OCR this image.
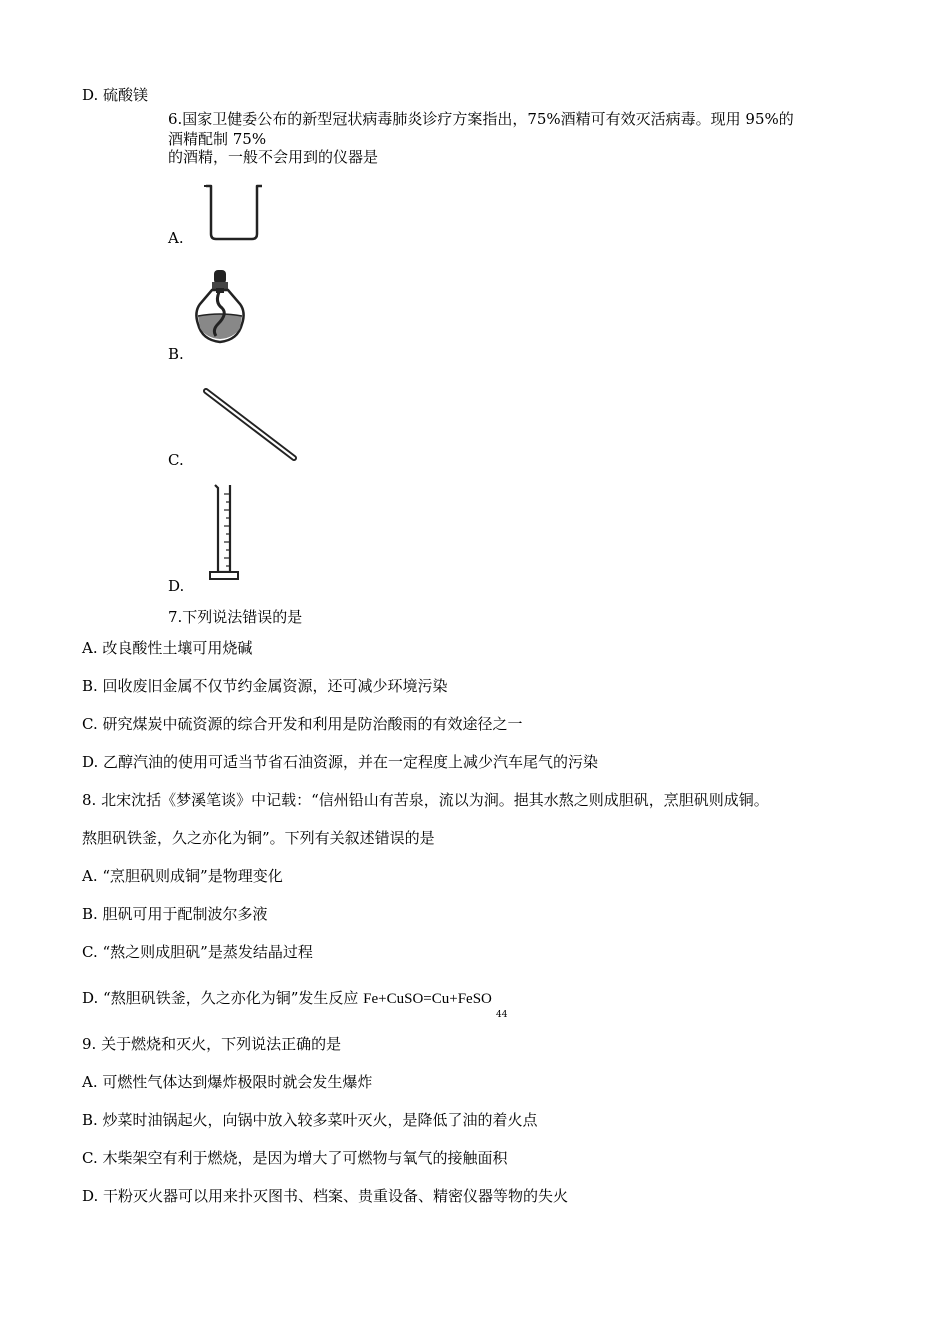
D. 硫酸镁
6.国家卫健委公布的新型冠状病毒肺炎诊疗方案指出，75%酒精可有效灭活病毒。现用 95%的
酒精配制 75%
的酒精，一般不会用到的仪器是
A.
B.
C.
D.
7.下列说法错误的是
A. 改良酸性土壤可用烧碱
B. 回收废旧金属不仅节约金属资源，还可减少环境污染
C. 研究煤炭中硫资源的综合开发和利用是防治酸雨的有效途径之一
D. 乙醇汽油的使用可适当节省石油资源，并在一定程度上减少汽车尾气的污染
8. 北宋沈括《梦溪笔谈》中记载：“信州铅山有苦泉，流以为涧。挹其水熬之则成胆矾，烹胆矾则成铜。
熬胆矾铁釜，久之亦化为铜”。下列有关叙述错误的是
A. “烹胆矾则成铜”是物理变化
B. 胆矾可用于配制波尔多液
C. “熬之则成胆矾”是蒸发结晶过程
D. “熬胆矾铁釜，久之亦化为铜”发生反应 Fe+CuSO=Cu+FeSO
44
9. 关于燃烧和灭火，下列说法正确的是
A. 可燃性气体达到爆炸极限时就会发生爆炸
B. 炒菜时油锅起火，向锅中放入较多菜叶灭火，是降低了油的着火点
C. 木柴架空有利于燃烧，是因为增大了可燃物与氧气的接触面积
D. 干粉灭火器可以用来扑灭图书、档案、贵重设备、精密仪器等物的失火
